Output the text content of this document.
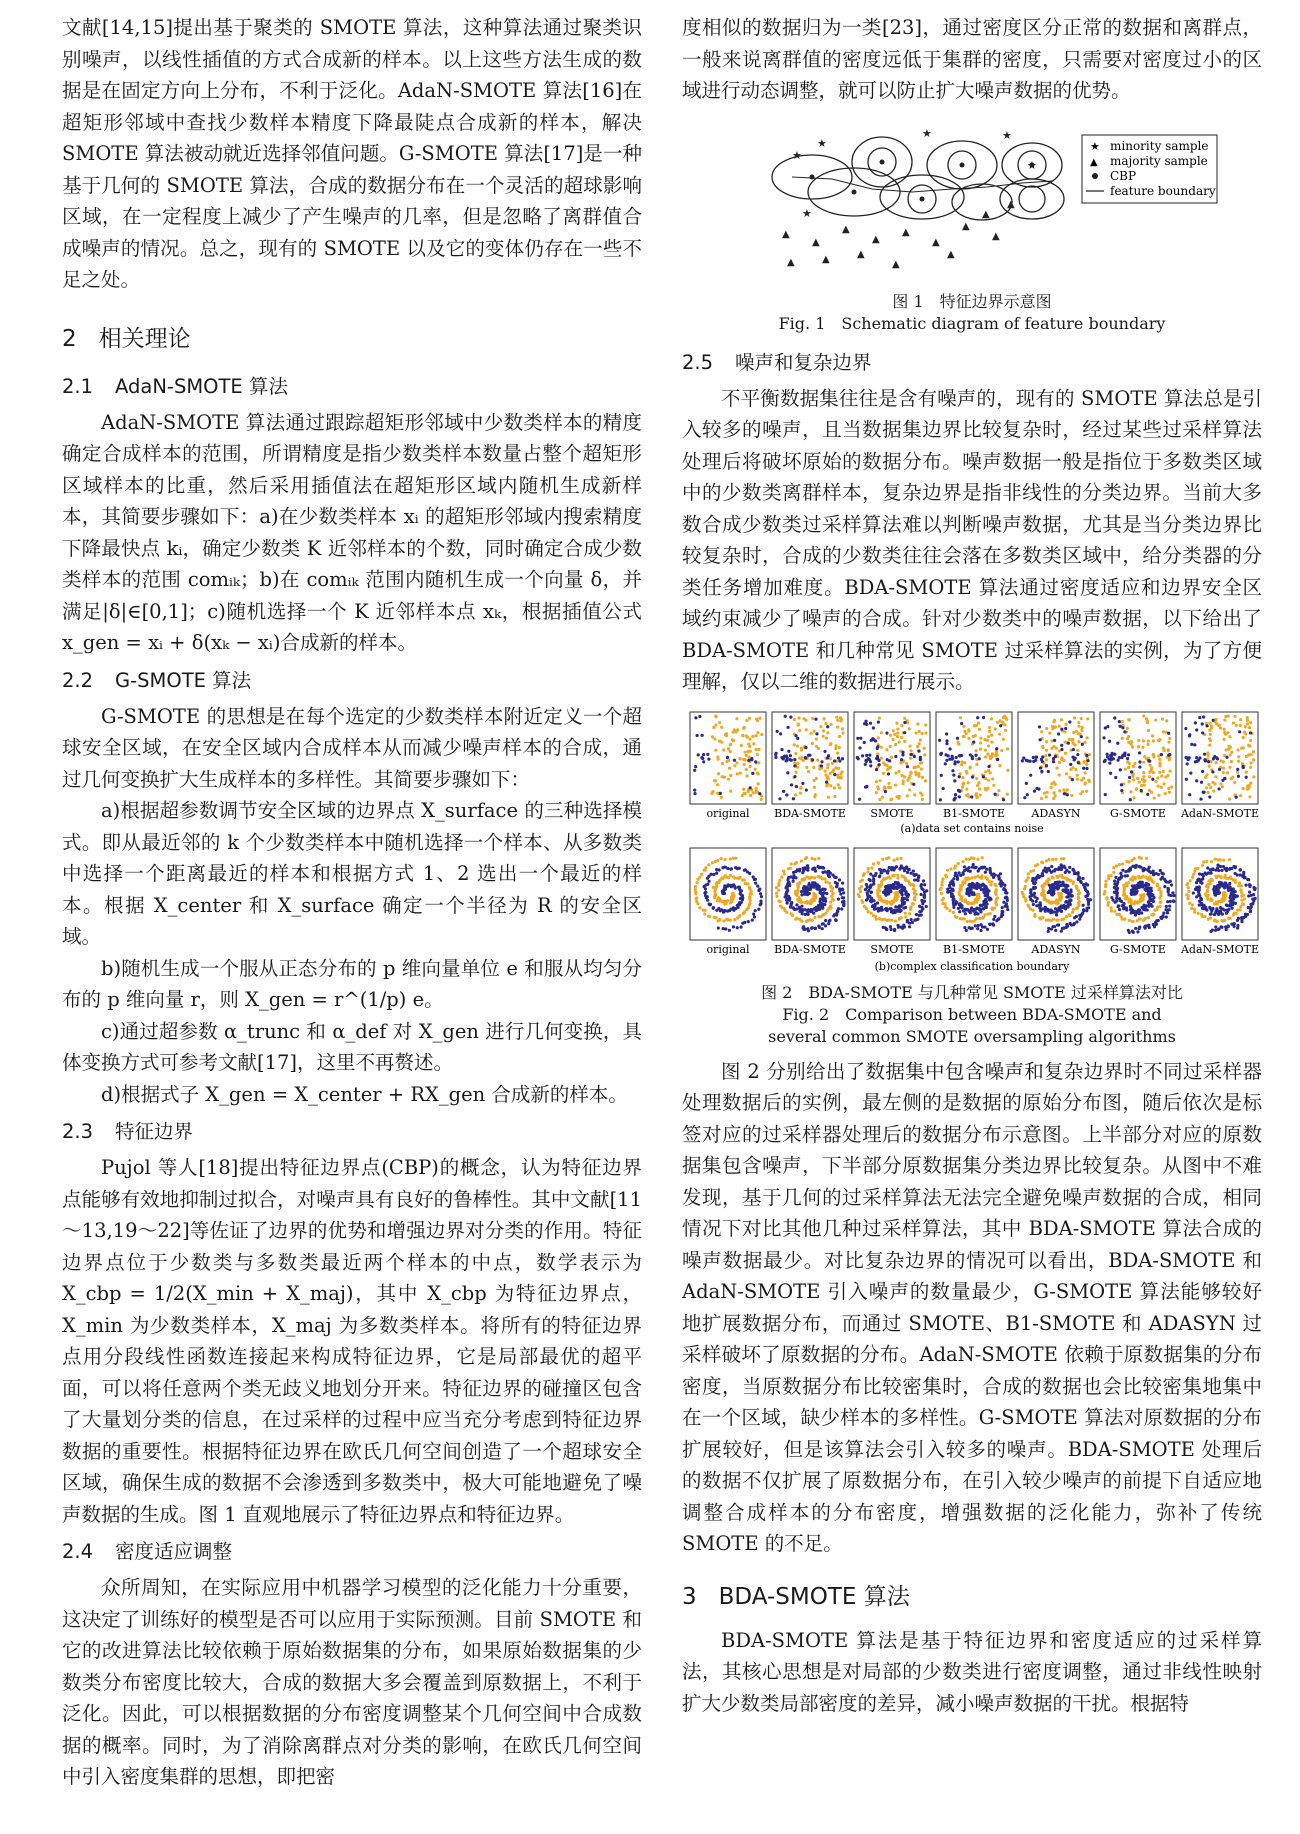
文献[14,15]提出基于聚类的 SMOTE 算法，这种算法通过聚类识别噪声，以线性插值的方式合成新的样本。以上这些方法生成的数据是在固定方向上分布，不利于泛化。AdaN-SMOTE 算法[16]在超矩形邻域中查找少数样本精度下降最陡点合成新的样本，解决 SMOTE 算法被动就近选择邻值问题。G-SMOTE 算法[17]是一种基于几何的 SMOTE 算法，合成的数据分布在一个灵活的超球影响区域，在一定程度上减少了产生噪声的几率，但是忽略了离群值合成噪声的情况。总之，现有的 SMOTE 以及它的变体仍存在一些不足之处。

2 相关理论
2.1 AdaN-SMOTE 算法

AdaN-SMOTE 算法通过跟踪超矩形邻域中少数类样本的精度确定合成样本的范围，所谓精度是指少数类样本数量占整个超矩形区域样本的比重，然后采用插值法在超矩形区域内随机生成新样本，其简要步骤如下：a)在少数类样本 xᵢ 的超矩形邻域内搜索精度下降最快点 kᵢ，确定少数类 K 近邻样本的个数，同时确定合成少数类样本的范围 comᵢₖ；b)在 comᵢₖ 范围内随机生成一个向量 δ，并满足|δ|∈[0,1]；c)随机选择一个 K 近邻样本点 xₖ，根据插值公式 x_gen = xᵢ + δ(xₖ − xᵢ)合成新的样本。

2.2 G-SMOTE 算法

G-SMOTE 的思想是在每个选定的少数类样本附近定义一个超球安全区域，在安全区域内合成样本从而减少噪声样本的合成，通过几何变换扩大生成样本的多样性。其简要步骤如下：

a)根据超参数调节安全区域的边界点 X_surface 的三种选择模式。即从最近邻的 k 个少数类样本中随机选择一个样本、从多数类中选择一个距离最近的样本和根据方式 1、2 选出一个最近的样本。根据 X_center 和 X_surface 确定一个半径为 R 的安全区域。

b)随机生成一个服从正态分布的 p 维向量单位 e 和服从均匀分布的 p 维向量 r，则 X_gen = r^(1/p) e。

c)通过超参数 α_trunc 和 α_def 对 X_gen 进行几何变换，具体变换方式可参考文献[17]，这里不再赘述。

d)根据式子 X_gen = X_center + RX_gen 合成新的样本。

2.3 特征边界

Pujol 等人[18]提出特征边界点(CBP)的概念，认为特征边界点能够有效地抑制过拟合，对噪声具有良好的鲁棒性。其中文献[11～13,19～22]等佐证了边界的优势和增强边界对分类的作用。特征边界点位于少数类与多数类最近两个样本的中点，数学表示为 X_cbp = 1/2(X_min + X_maj)，其中 X_cbp 为特征边界点，X_min 为少数类样本，X_maj 为多数类样本。将所有的特征边界点用分段线性函数连接起来构成特征边界，它是局部最优的超平面，可以将任意两个类无歧义地划分开来。特征边界的碰撞区包含了大量划分类的信息，在过采样的过程中应当充分考虑到特征边界数据的重要性。根据特征边界在欧氏几何空间创造了一个超球安全区域，确保生成的数据不会渗透到多数类中，极大可能地避免了噪声数据的生成。图 1 直观地展示了特征边界点和特征边界。

2.4 密度适应调整

众所周知，在实际应用中机器学习模型的泛化能力十分重要，这决定了训练好的模型是否可以应用于实际预测。目前 SMOTE 和它的改进算法比较依赖于原始数据集的分布，如果原始数据集的少数类分布密度比较大，合成的数据大多会覆盖到原数据上，不利于泛化。因此，可以根据数据的分布密度调整某个几何空间中合成数据的概率。同时，为了消除离群点对分类的影响，在欧氏几何空间中引入密度集群的思想，即把密

度相似的数据归为一类[23]，通过密度区分正常的数据和离群点，一般来说离群值的密度远低于集群的密度，只需要对密度过小的区域进行动态调整，就可以防止扩大噪声数据的优势。

★
★
★	★
★
★
▲
▲
▲
▲
▲
▲
▲
▲
▲	▲
▲
▲
▲
▲
▲
★
▲
minority sample
majority sample
CBP
feature boundary
图 1　特征边界示意图
Fig. 1　Schematic diagram of feature boundary
2.5 噪声和复杂边界

不平衡数据集往往是含有噪声的，现有的 SMOTE 算法总是引入较多的噪声，且当数据集边界比较复杂时，经过某些过采样算法处理后将破坏原始的数据分布。噪声数据一般是指位于多数类区域中的少数类离群样本，复杂边界是指非线性的分类边界。当前大多数合成少数类过采样算法难以判断噪声数据，尤其是当分类边界比较复杂时，合成的少数类往往会落在多数类区域中，给分类器的分类任务增加难度。BDA-SMOTE 算法通过密度适应和边界安全区域约束减少了噪声的合成。针对少数类中的噪声数据，以下给出了 BDA-SMOTE 和几种常见 SMOTE 过采样算法的实例，为了方便理解，仅以二维的数据进行展示。

original BDA-SMOTE SMOTE	B1-SMOTE ADASYN	G-SMOTE AdaN-SMOTE
original BDA-SMOTE SMOTE	B1-SMOTE ADASYN	G-SMOTE AdaN-SMOTE
(a)data set contains noise
(b)complex classification boundary
图 2　BDA-SMOTE 与几种常见 SMOTE 过采样算法对比
Fig. 2　Comparison between BDA-SMOTE and
several common SMOTE oversampling algorithms

图 2 分别给出了数据集中包含噪声和复杂边界时不同过采样器处理数据后的实例，最左侧的是数据的原始分布图，随后依次是标签对应的过采样器处理后的数据分布示意图。上半部分对应的原数据集包含噪声，下半部分原数据集分类边界比较复杂。从图中不难发现，基于几何的过采样算法无法完全避免噪声数据的合成，相同情况下对比其他几种过采样算法，其中 BDA-SMOTE 算法合成的噪声数据最少。对比复杂边界的情况可以看出，BDA-SMOTE 和 AdaN-SMOTE 引入噪声的数量最少，G-SMOTE 算法能够较好地扩展数据分布，而通过 SMOTE、B1-SMOTE 和 ADASYN 过采样破坏了原数据的分布。AdaN-SMOTE 依赖于原数据集的分布密度，当原数据分布比较密集时，合成的数据也会比较密集地集中在一个区域，缺少样本的多样性。G-SMOTE 算法对原数据的分布扩展较好，但是该算法会引入较多的噪声。BDA-SMOTE 处理后的数据不仅扩展了原数据分布，在引入较少噪声的前提下自适应地调整合成样本的分布密度，增强数据的泛化能力，弥补了传统 SMOTE 的不足。

3 BDA-SMOTE 算法

BDA-SMOTE 算法是基于特征边界和密度适应的过采样算法，其核心思想是对局部的少数类进行密度调整，通过非线性映射扩大少数类局部密度的差异，减小噪声数据的干扰。根据特
